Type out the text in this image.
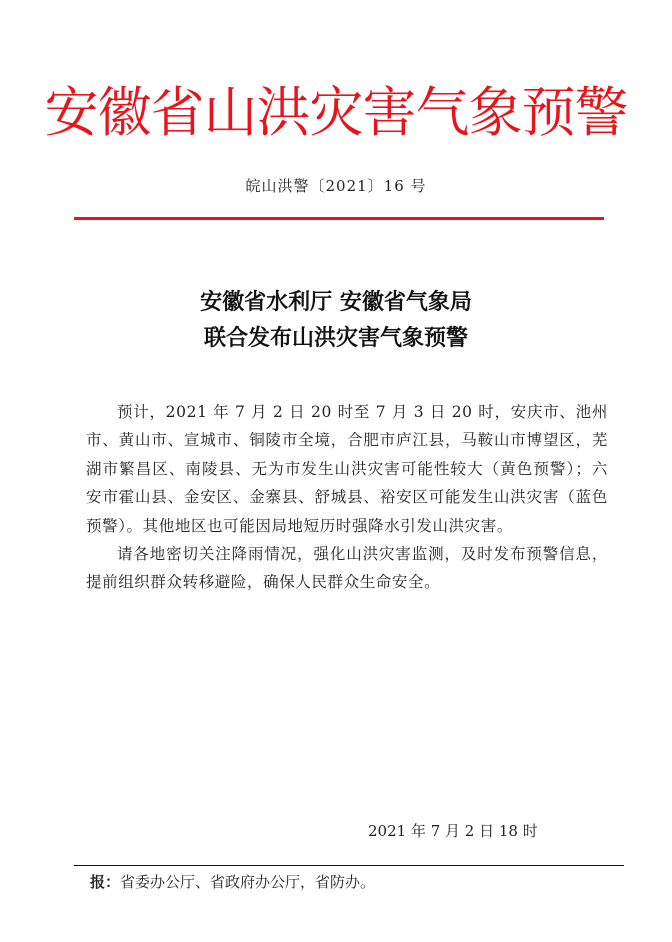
安徽省山洪灾害气象预警
皖山洪警〔2021〕16 号
安徽省水利厅 安徽省气象局
联合发布山洪灾害气象预警

预计，2021 年 7 月 2 日 20 时至 7 月 3 日 20 时，安庆市、池州市、黄山市、宣城市、铜陵市全境，合肥市庐江县，马鞍山市博望区，芜湖市繁昌区、南陵县、无为市发生山洪灾害可能性较大（黄色预警）；六安市霍山县、金安区、金寨县、舒城县、裕安区可能发生山洪灾害（蓝色预警）。其他地区也可能因局地短历时强降水引发山洪灾害。

请各地密切关注降雨情况，强化山洪灾害监测，及时发布预警信息，提前组织群众转移避险，确保人民群众生命安全。

2021 年 7 月 2 日 18 时
报：省委办公厅、省政府办公厅，省防办。
